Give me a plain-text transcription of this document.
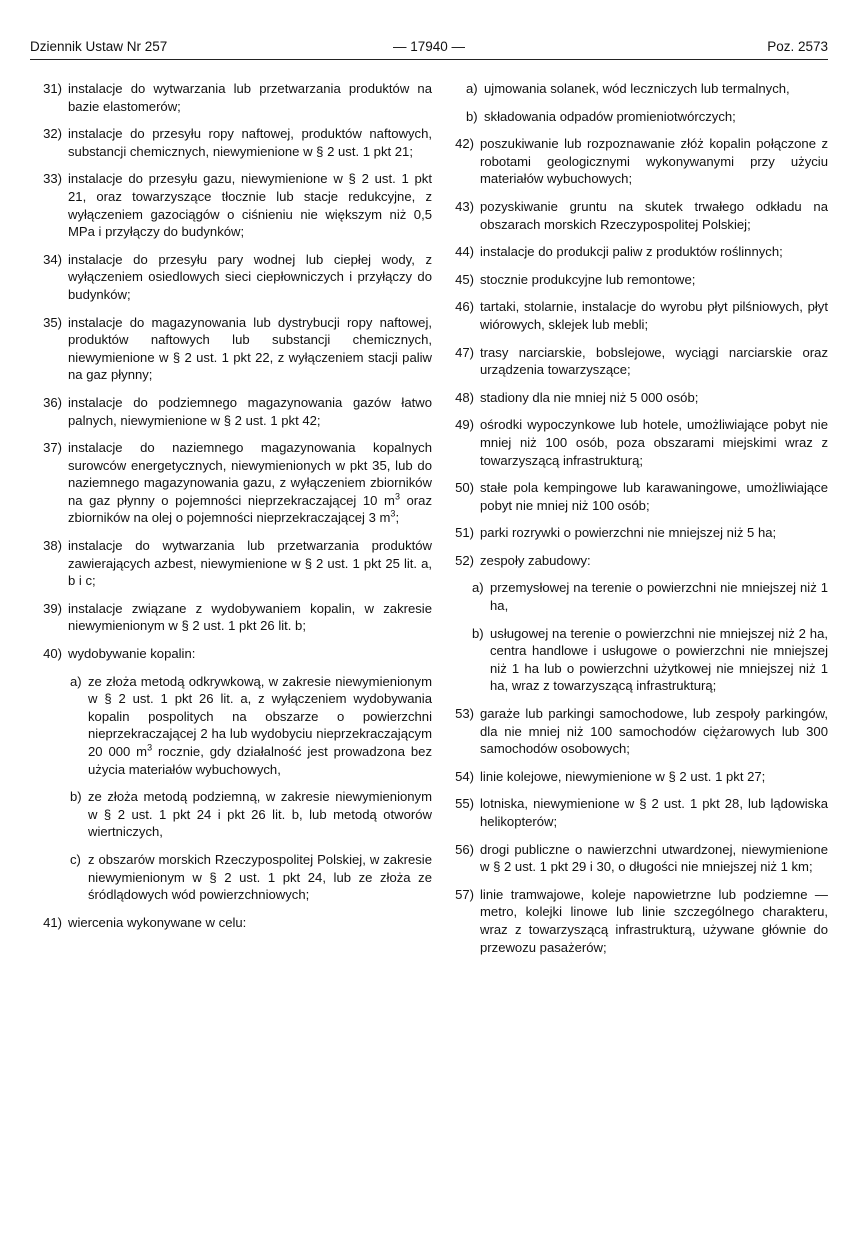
Dziennik Ustaw Nr 257	— 17940 —	Poz. 2573
31) instalacje do wytwarzania lub przetwarzania produktów na bazie elastomerów;
32) instalacje do przesyłu ropy naftowej, produktów naftowych, substancji chemicznych, niewymienione w § 2 ust. 1 pkt 21;
33) instalacje do przesyłu gazu, niewymienione w § 2 ust. 1 pkt 21, oraz towarzyszące tłocznie lub stacje redukcyjne, z wyłączeniem gazociągów o ciśnieniu nie większym niż 0,5 MPa i przyłączy do budynków;
34) instalacje do przesyłu pary wodnej lub ciepłej wody, z wyłączeniem osiedlowych sieci ciepłowniczych i przyłączy do budynków;
35) instalacje do magazynowania lub dystrybucji ropy naftowej, produktów naftowych lub substancji chemicznych, niewymienione w § 2 ust. 1 pkt 22, z wyłączeniem stacji paliw na gaz płynny;
36) instalacje do podziemnego magazynowania gazów łatwo palnych, niewymienione w § 2 ust. 1 pkt 42;
37) instalacje do naziemnego magazynowania kopalnych surowców energetycznych, niewymienionych w pkt 35, lub do naziemnego magazynowania gazu, z wyłączeniem zbiorników na gaz płynny o pojemności nieprzekraczającej 10 $m^3$ oraz zbiorników na olej o pojemności nieprzekraczającej 3 $m^3$;
38) instalacje do wytwarzania lub przetwarzania produktów zawierających azbest, niewymienione w § 2 ust. 1 pkt 25 lit. a, b i c;
39) instalacje związane z wydobywaniem kopalin, w zakresie niewymienionym w § 2 ust. 1 pkt 26 lit. b;
40) wydobywanie kopalin:
a) ze złoża metodą odkrywkową, w zakresie niewymienionym w § 2 ust. 1 pkt 26 lit. a, z wyłączeniem wydobywania kopalin pospolitych na obszarze o powierzchni nieprzekraczającej 2 ha lub wydobyciu nieprzekraczającym 20 000 $m^3$ rocznie, gdy działalność jest prowadzona bez użycia materiałów wybuchowych,
b) ze złoża metodą podziemną, w zakresie niewymienionym w § 2 ust. 1 pkt 24 i pkt 26 lit. b, lub metodą otworów wiertniczych,
c) z obszarów morskich Rzeczypospolitej Polskiej, w zakresie niewymienionym w § 2 ust. 1 pkt 24, lub ze złoża ze śródlądowych wód powierzchniowych;
41) wiercenia wykonywane w celu:
a) ujmowania solanek, wód leczniczych lub termalnych,
b) składowania odpadów promieniotwórczych;
42) poszukiwanie lub rozpoznawanie złóż kopalin połączone z robotami geologicznymi wykonywanymi przy użyciu materiałów wybuchowych;
43) pozyskiwanie gruntu na skutek trwałego odkładu na obszarach morskich Rzeczypospolitej Polskiej;
44) instalacje do produkcji paliw z produktów roślinnych;
45) stocznie produkcyjne lub remontowe;
46) tartaki, stolarnie, instalacje do wyrobu płyt pilśniowych, płyt wiórowych, sklejek lub mebli;
47) trasy narciarskie, bobslejowe, wyciągi narciarskie oraz urządzenia towarzyszące;
48) stadiony dla nie mniej niż 5 000 osób;
49) ośrodki wypoczynkowe lub hotele, umożliwiające pobyt nie mniej niż 100 osób, poza obszarami miejskimi wraz z towarzyszącą infrastrukturą;
50) stałe pola kempingowe lub karawaningowe, umożliwiające pobyt nie mniej niż 100 osób;
51) parki rozrywki o powierzchni nie mniejszej niż 5 ha;
52) zespoły zabudowy:
a) przemysłowej na terenie o powierzchni nie mniejszej niż 1 ha,
b) usługowej na terenie o powierzchni nie mniejszej niż 2 ha, centra handlowe i usługowe o powierzchni nie mniejszej niż 1 ha lub o powierzchni użytkowej nie mniejszej niż 1 ha, wraz z towarzyszącą infrastrukturą;
53) garaże lub parkingi samochodowe, lub zespoły parkingów, dla nie mniej niż 100 samochodów ciężarowych lub 300 samochodów osobowych;
54) linie kolejowe, niewymienione w § 2 ust. 1 pkt 27;
55) lotniska, niewymienione w § 2 ust. 1 pkt 28, lub lądowiska helikopterów;
56) drogi publiczne o nawierzchni utwardzonej, niewymienione w § 2 ust. 1 pkt 29 i 30, o długości nie mniejszej niż 1 km;
57) linie tramwajowe, koleje napowietrzne lub podziemne — metro, kolejki linowe lub linie szczególnego charakteru, wraz z towarzyszącą infrastrukturą, używane głównie do przewozu pasażerów;
